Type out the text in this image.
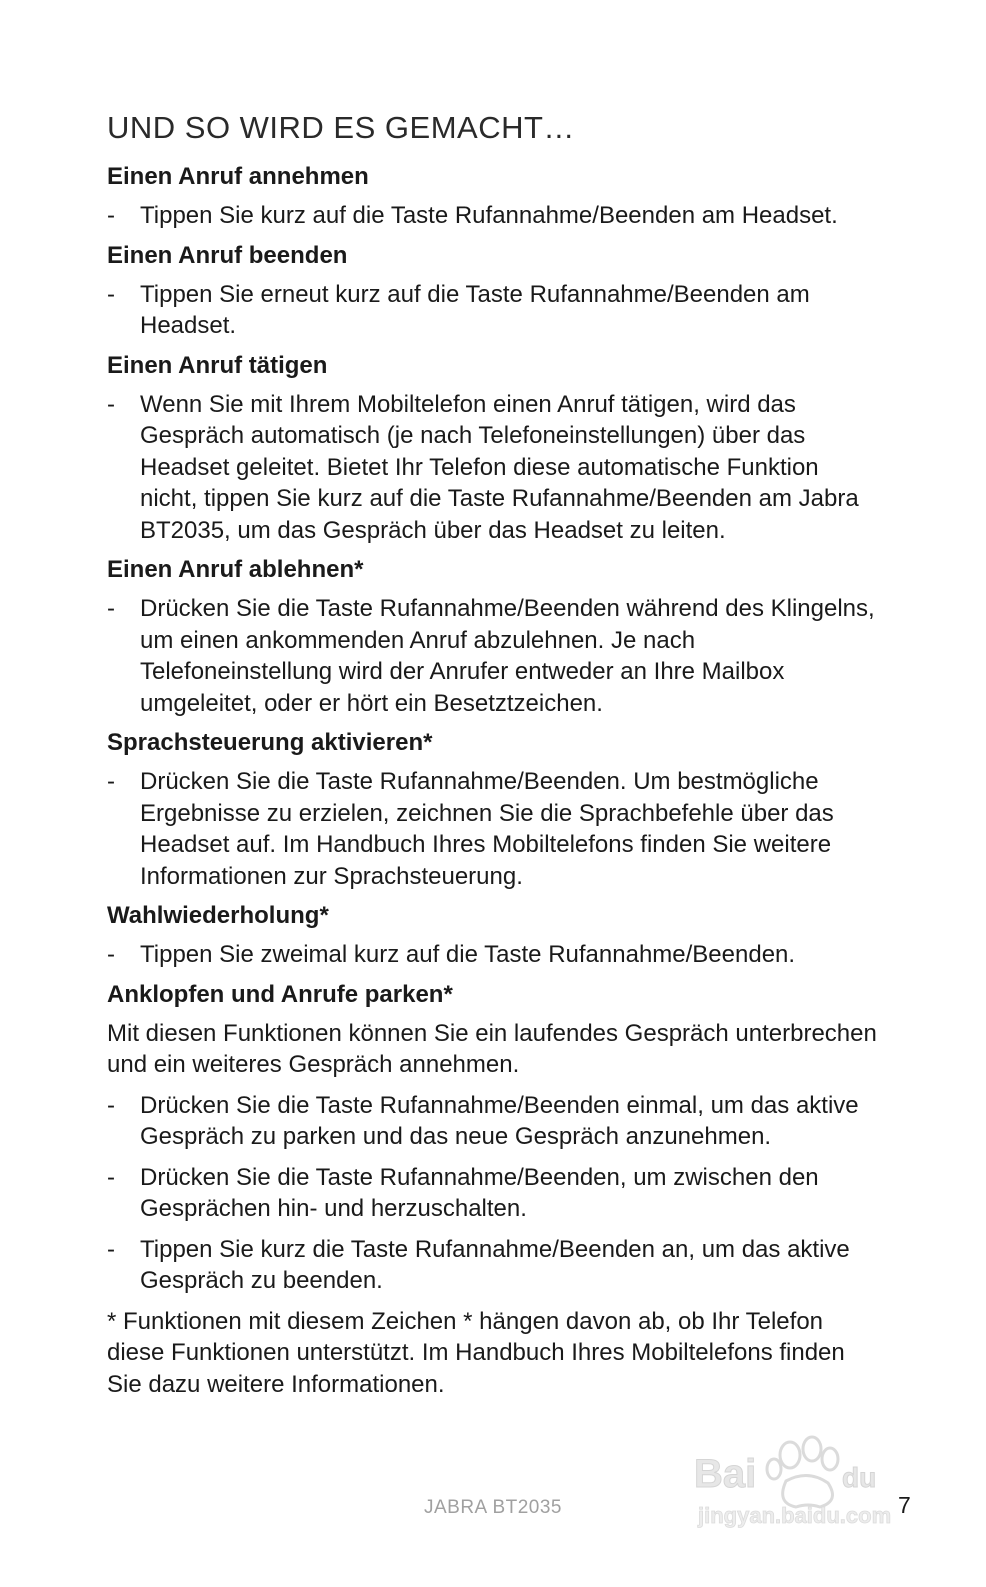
UND SO WIRD ES GEMACHT…
Einen Anruf annehmen
-	Tippen Sie kurz auf die Taste Rufannahme/Beenden am Headset.
Einen Anruf beenden
-	Tippen Sie erneut kurz auf die Taste Rufannahme/Beenden am Headset.
Einen Anruf tätigen
-	Wenn Sie mit Ihrem Mobiltelefon einen Anruf tätigen, wird das Gespräch automatisch (je nach Telefoneinstellungen) über das Headset geleitet. Bietet Ihr Telefon diese automatische Funktion nicht, tippen Sie kurz auf die Taste Rufannahme/Beenden am Jabra BT2035, um das Gespräch über das Headset zu leiten.
Einen Anruf ablehnen*
-	Drücken Sie die Taste Rufannahme/Beenden während des Klingelns, um einen ankommenden Anruf abzulehnen. Je nach Telefoneinstellung wird der Anrufer entweder an Ihre Mailbox umgeleitet, oder er hört ein Besetztzeichen.
Sprachsteuerung aktivieren*
-	Drücken Sie die Taste Rufannahme/Beenden. Um bestmögliche Ergebnisse zu erzielen, zeichnen Sie die Sprachbefehle über das Headset auf. Im Handbuch Ihres Mobiltelefons finden Sie weitere Informationen zur Sprachsteuerung.
Wahlwiederholung*
-	Tippen Sie zweimal kurz auf die Taste Rufannahme/Beenden.
Anklopfen und Anrufe parken*
Mit diesen Funktionen können Sie ein laufendes Gespräch unterbrechen und ein weiteres Gespräch annehmen.
-	Drücken Sie die Taste Rufannahme/Beenden einmal, um das aktive Gespräch zu parken und das neue Gespräch anzunehmen.
-	Drücken Sie die Taste Rufannahme/Beenden, um zwischen den Gesprächen hin- und herzuschalten.
-	Tippen Sie kurz die Taste Rufannahme/Beenden an, um das aktive Gespräch zu beenden.
* Funktionen mit diesem Zeichen * hängen davon ab, ob Ihr Telefon diese Funktionen unterstützt. Im Handbuch Ihres Mobiltelefons finden Sie dazu weitere Informationen.
JABRA BT2035
Bai	du
jingyan.baidu.com 7
